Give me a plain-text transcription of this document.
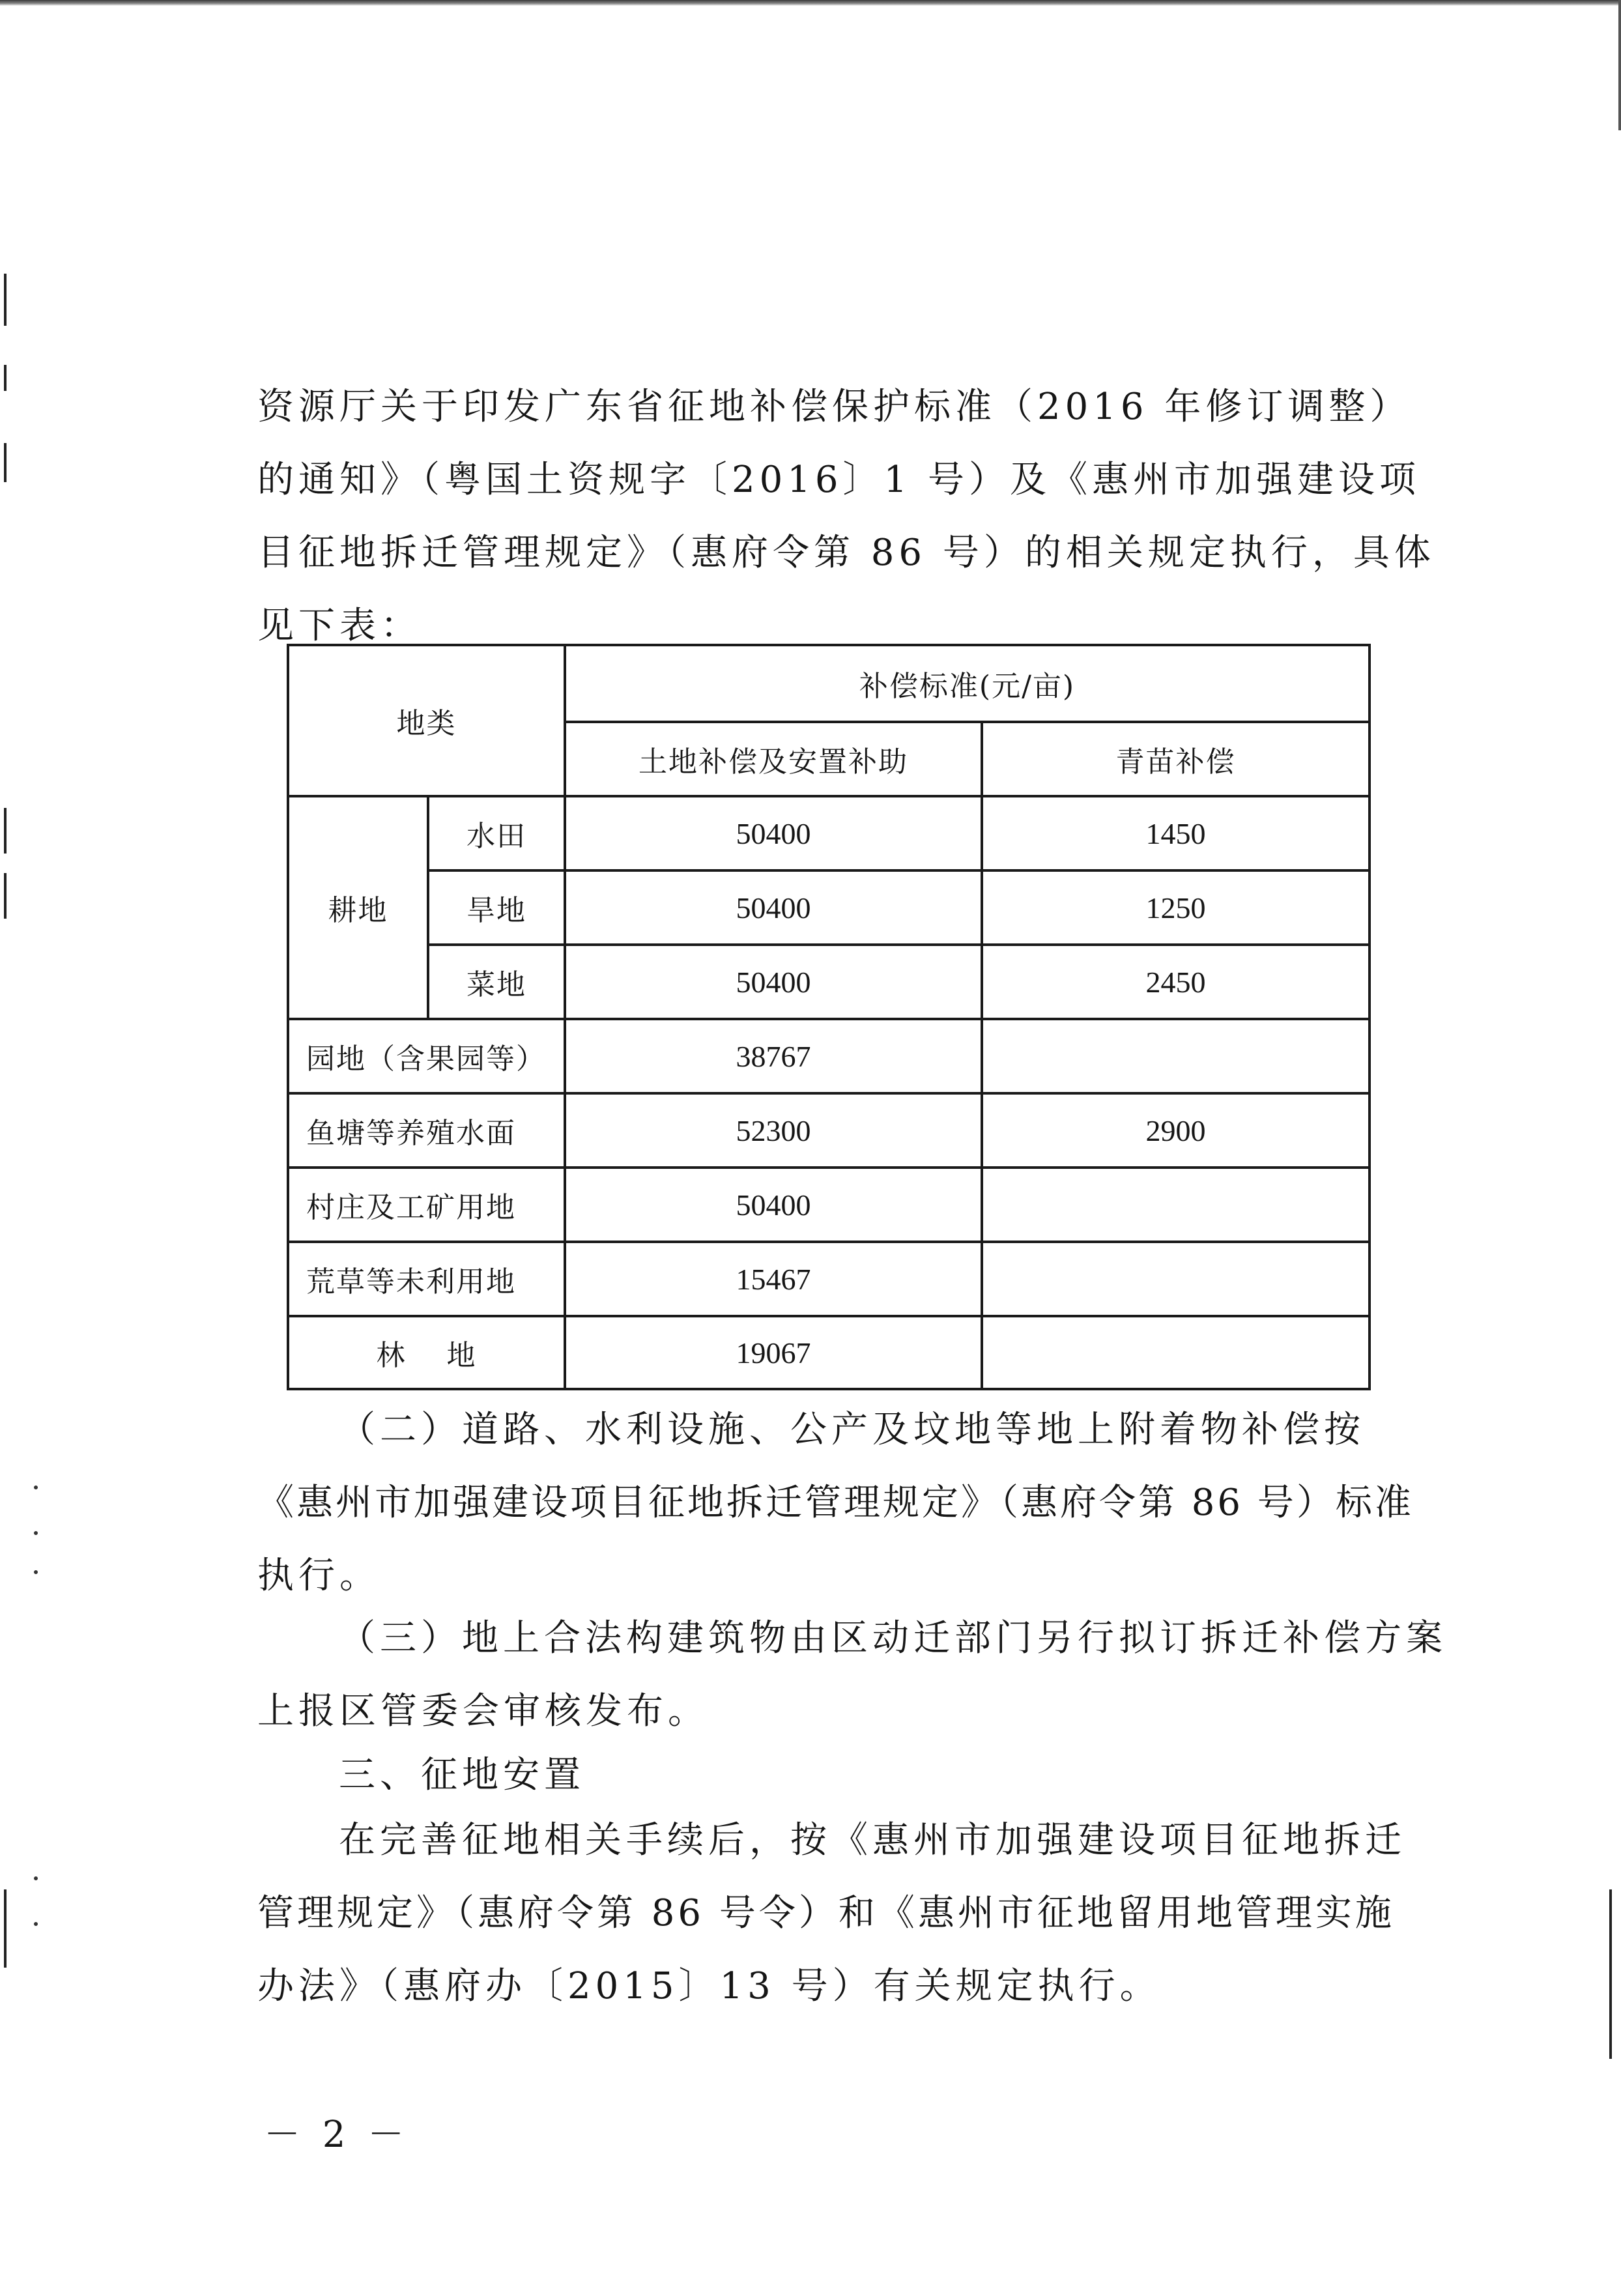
资源厅关于印发广东省征地补偿保护标准（2016 年修订调整）
的通知》（粤国土资规字〔2016〕1 号）及《惠州市加强建设项
目征地拆迁管理规定》（惠府令第 86 号）的相关规定执行，具体
见下表：
地类		补偿标准(元/亩)	
		土地补偿及安置补助	青苗补偿
耕地	水田	50400	1450
	旱地	50400	1250
	菜地	50400	2450
园地（含果园等）		38767	
鱼塘等养殖水面		52300	2900
村庄及工矿用地		50400	
荒草等未利用地		15467	
林　 地		19067	
（二）道路、水利设施、公产及坟地等地上附着物补偿按
《惠州市加强建设项目征地拆迁管理规定》（惠府令第 86 号）标准
执行。
（三）地上合法构建筑物由区动迁部门另行拟订拆迁补偿方案
上报区管委会审核发布。
三、征地安置
在完善征地相关手续后，按《惠州市加强建设项目征地拆迁
管理规定》（惠府令第 86 号令）和《惠州市征地留用地管理实施
办法》（惠府办〔2015〕13 号）有关规定执行。
－ 2 －
